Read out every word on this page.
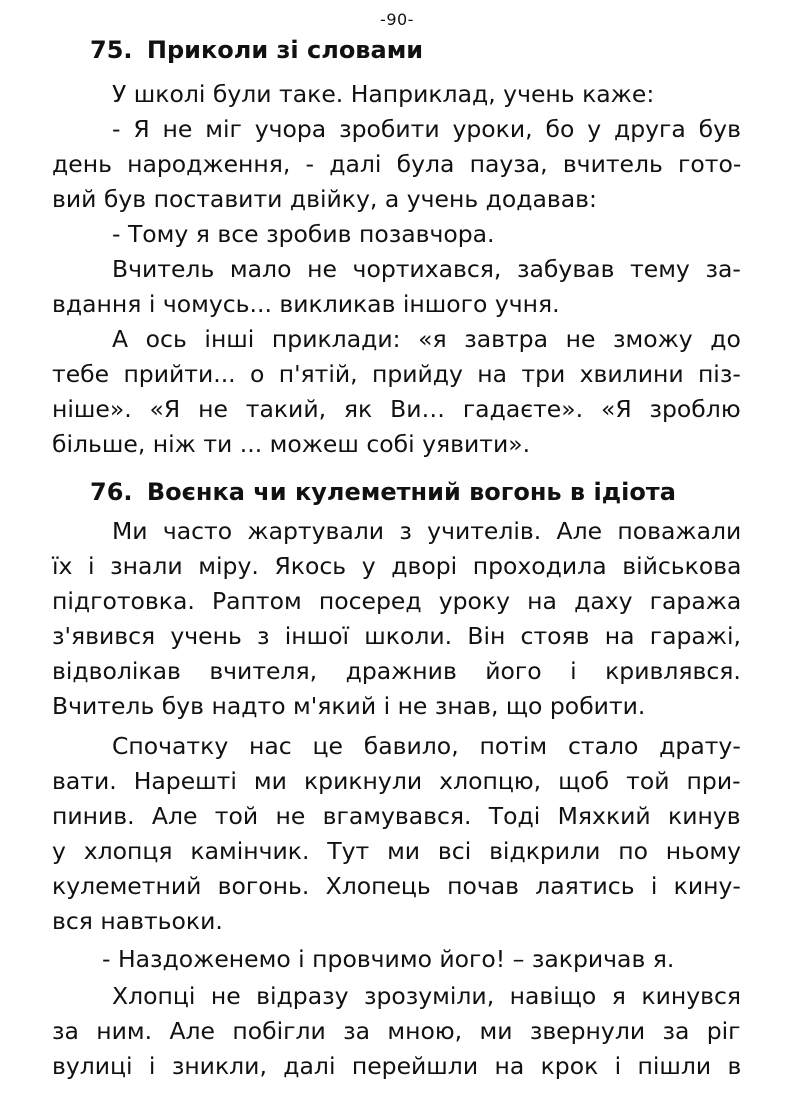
-90-
75. Приколи зі словами
У школі були таке. Наприклад, учень каже:
- Я не міг учора зробити уроки, бо у друга був
день народження, - далі була пауза, вчитель гото-
вий був поставити двійку, а учень додавав:
- Тому я все зробив позавчора.
Вчитель мало не чортихався, забував тему за-
вдання і чомусь... викликав іншого учня.
А ось інші приклади: «я завтра не зможу до
тебе прийти... о п'ятій, прийду на три хвилини піз-
ніше». «Я не такий, як Ви… гадаєте». «Я зроблю
більше, ніж ти ... можеш собі уявити».
76. Воєнка чи кулеметний вогонь в ідіота
Ми часто жартували з учителів. Але поважали
їх і знали міру. Якось у дворі проходила військова
підготовка. Раптом посеред уроку на даху гаража
з'явився учень з іншої школи. Він стояв на гаражі,
відволікав вчителя, дражнив його і кривлявся.
Вчитель був надто м'який і не знав, що робити.
Спочатку нас це бавило, потім стало драту-
вати. Нарешті ми крикнули хлопцю, щоб той при-
пинив. Але той не вгамувався. Тоді Мяхкий кинув
у хлопця камінчик. Тут ми всі відкрили по ньому
кулеметний вогонь. Хлопець почав лаятись і кину-
вся навтьоки.
- Наздоженемо і провчимо його! – закричав я.
Хлопці не відразу зрозуміли, навіщо я кинувся
за ним. Але побігли за мною, ми звернули за ріг
вулиці і зникли, далі перейшли на крок і пішли в
